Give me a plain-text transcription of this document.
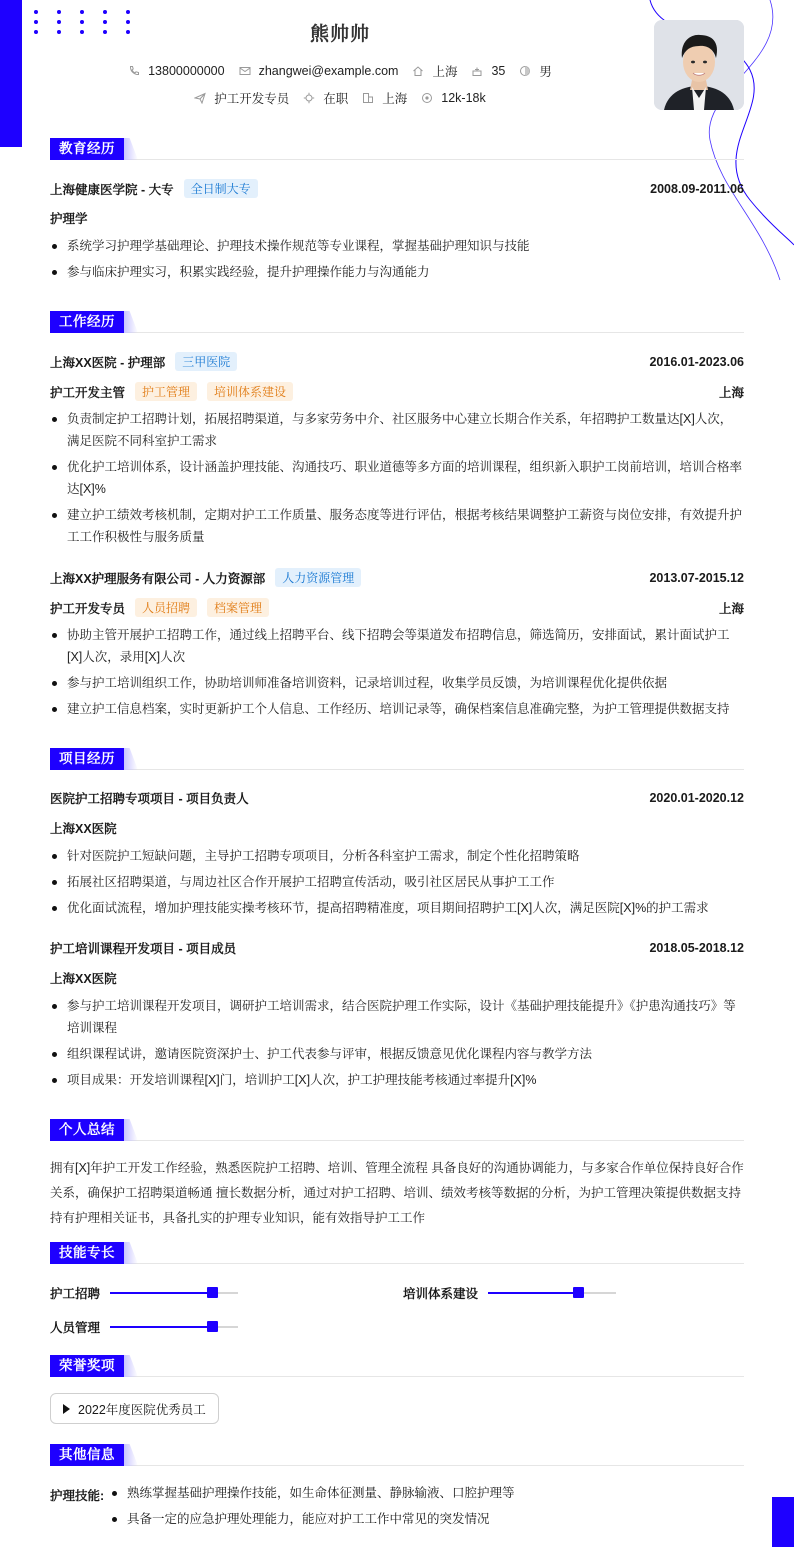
熊帅帅
13800000000	zhangwei@example.com	上海	35	男
护工开发专员	在职	上海	12k-18k
教育经历
上海健康医学院 - 大专	全日制大专	2008.09-2011.06
护理学
系统学习护理学基础理论、护理技术操作规范等专业课程，掌握基础护理知识与技能
参与临床护理实习，积累实践经验，提升护理操作能力与沟通能力
工作经历
上海XX医院 - 护理部	三甲医院	2016.01-2023.06
护工开发主管	护工管理	培训体系建设	上海
负责制定护工招聘计划，拓展招聘渠道，与多家劳务中介、社区服务中心建立长期合作关系，年招聘护工数量达[X]人次，满足医院不同科室护工需求
优化护工培训体系，设计涵盖护理技能、沟通技巧、职业道德等多方面的培训课程，组织新入职护工岗前培训，培训合格率达[X]%
建立护工绩效考核机制，定期对护工工作质量、服务态度等进行评估，根据考核结果调整护工薪资与岗位安排，有效提升护工工作积极性与服务质量
上海XX护理服务有限公司 - 人力资源部	人力资源管理	2013.07-2015.12
护工开发专员	人员招聘	档案管理	上海
协助主管开展护工招聘工作，通过线上招聘平台、线下招聘会等渠道发布招聘信息，筛选简历，安排面试，累计面试护工[X]人次，录用[X]人次
参与护工培训组织工作，协助培训师准备培训资料，记录培训过程，收集学员反馈，为培训课程优化提供依据
建立护工信息档案，实时更新护工个人信息、工作经历、培训记录等，确保档案信息准确完整，为护工管理提供数据支持
项目经历
医院护工招聘专项项目 - 项目负责人	2020.01-2020.12
上海XX医院
针对医院护工短缺问题，主导护工招聘专项项目，分析各科室护工需求，制定个性化招聘策略
拓展社区招聘渠道，与周边社区合作开展护工招聘宣传活动，吸引社区居民从事护工工作
优化面试流程，增加护理技能实操考核环节，提高招聘精准度，项目期间招聘护工[X]人次，满足医院[X]%的护工需求
护工培训课程开发项目 - 项目成员	2018.05-2018.12
上海XX医院
参与护工培训课程开发项目，调研护工培训需求，结合医院护理工作实际，设计《基础护理技能提升》《护患沟通技巧》等培训课程
组织课程试讲，邀请医院资深护士、护工代表参与评审，根据反馈意见优化课程内容与教学方法
项目成果：开发培训课程[X]门，培训护工[X]人次，护工护理技能考核通过率提升[X]%
个人总结
拥有[X]年护工开发工作经验，熟悉医院护工招聘、培训、管理全流程 具备良好的沟通协调能力，与多家合作单位保持良好合作关系，确保护工招聘渠道畅通 擅长数据分析，通过对护工招聘、培训、绩效考核等数据的分析，为护工管理决策提供数据支持 持有护理相关证书，具备扎实的护理专业知识，能有效指导护工工作
技能专长
护工招聘	培训体系建设
人员管理
荣誉奖项
2022年度医院优秀员工
其他信息
护理技能:	熟练掌握基础护理操作技能，如生命体征测量、静脉输液、口腔护理等
具备一定的应急护理处理能力，能应对护工工作中常见的突发情况
